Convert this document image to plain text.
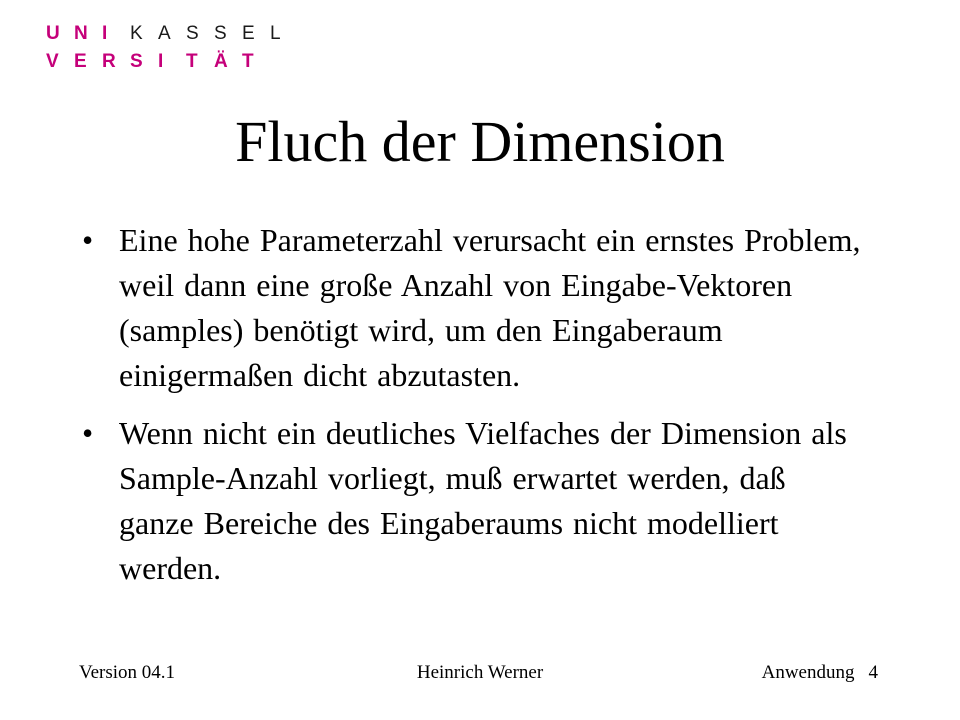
U N I	K A S S E L
V E R S I	T Ä T
Fluch der Dimension
• Eine hohe Parameterzahl verursacht ein ernstes Problem, weil dann eine große Anzahl von Eingabe-Vektoren (samples) benötigt wird, um den Eingaberaum einigermaßen dicht abzutasten.
• Wenn nicht ein deutliches Vielfaches der Dimension als Sample-Anzahl vorliegt, muß erwartet werden, daß ganze Bereiche des Eingaberaums nicht modelliert werden.
Version 04.1	Heinrich Werner	Anwendung 4
